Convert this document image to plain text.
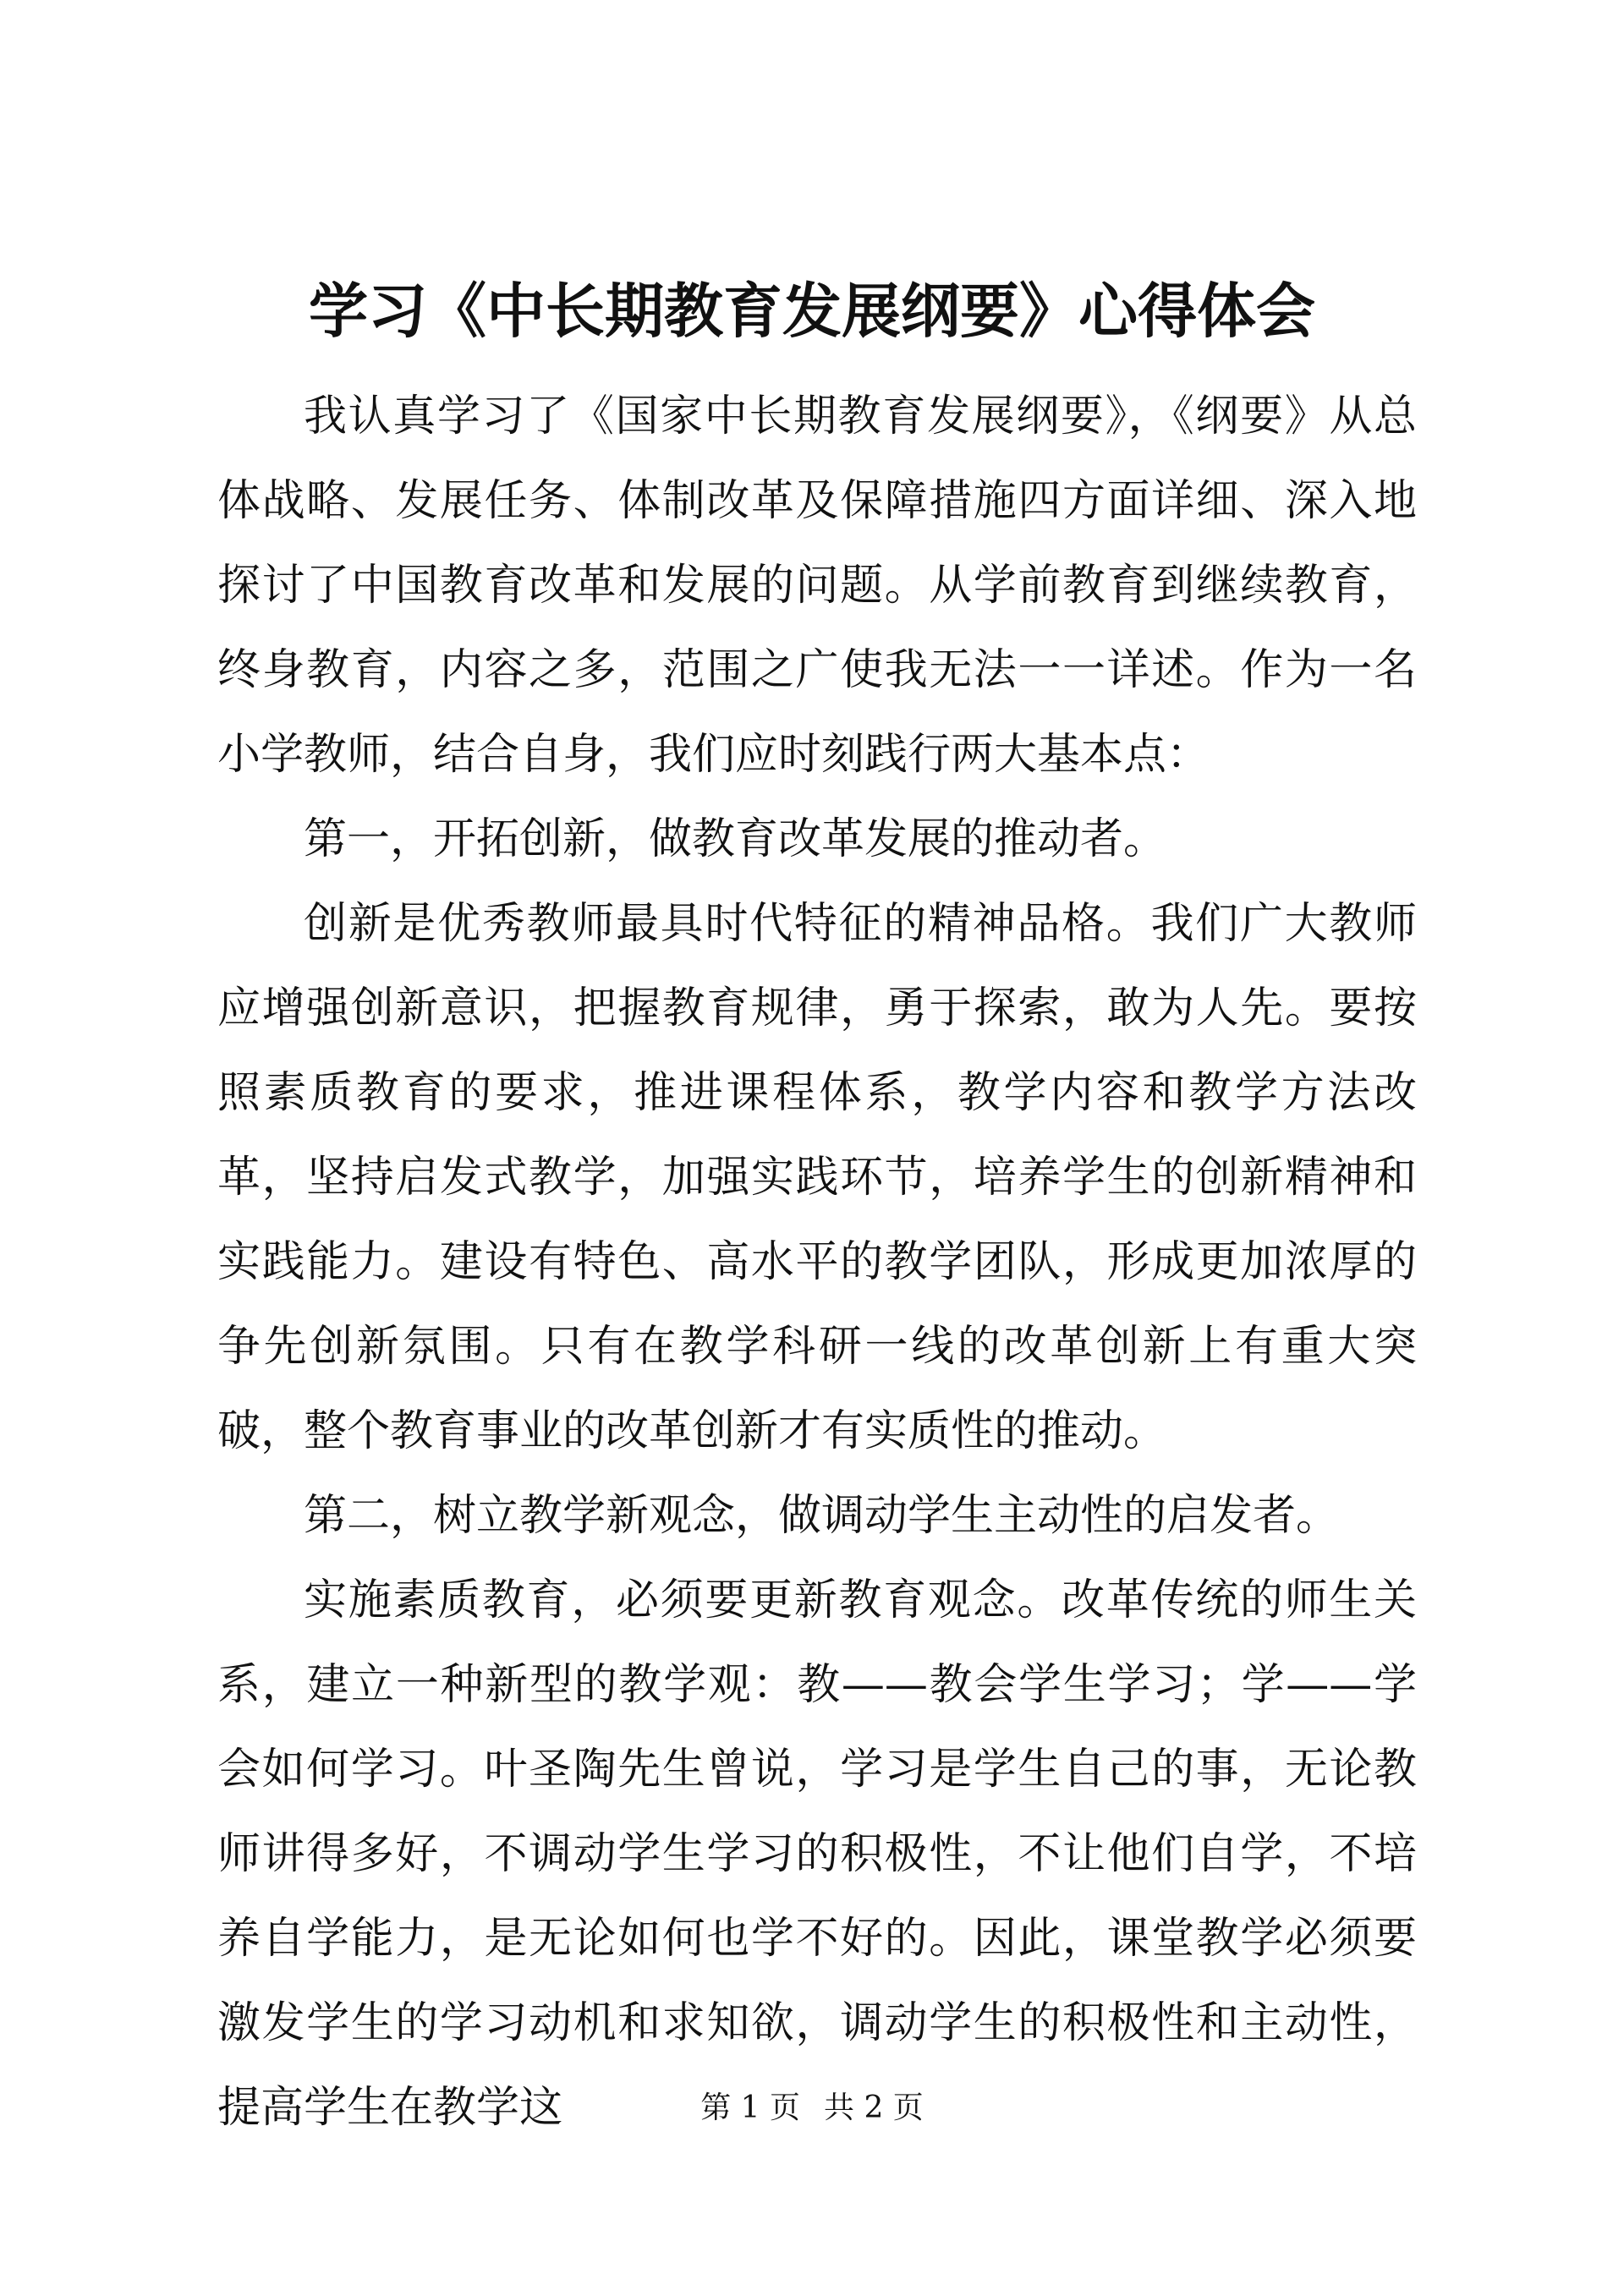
学习《中长期教育发展纲要》心得体会

我认真学习了《国家中长期教育发展纲要》，《纲要》从总体战略、发展任务、体制改革及保障措施四方面详细、深入地探讨了中国教育改革和发展的问题。从学前教育到继续教育，终身教育，内容之多，范围之广使我无法一一详述。作为一名小学教师，结合自身，我们应时刻践行两大基本点：

第一，开拓创新，做教育改革发展的推动者。

创新是优秀教师最具时代特征的精神品格。我们广大教师应增强创新意识，把握教育规律，勇于探索，敢为人先。要按照素质教育的要求，推进课程体系，教学内容和教学方法改革，坚持启发式教学，加强实践环节，培养学生的创新精神和实践能力。建设有特色、高水平的教学团队，形成更加浓厚的争先创新氛围。只有在教学科研一线的改革创新上有重大突破，整个教育事业的改革创新才有实质性的推动。

第二，树立教学新观念，做调动学生主动性的启发者。

实施素质教育，必须要更新教育观念。改革传统的师生关系，建立一种新型的教学观：教——教会学生学习；学——学会如何学习。叶圣陶先生曾说，学习是学生自己的事，无论教师讲得多好，不调动学生学习的积极性，不让他们自学，不培养自学能力，是无论如何也学不好的。因此，课堂教学必须要激发学生的学习动机和求知欲，调动学生的积极性和主动性，提高学生在教学这	第 1 页 共 2 页
